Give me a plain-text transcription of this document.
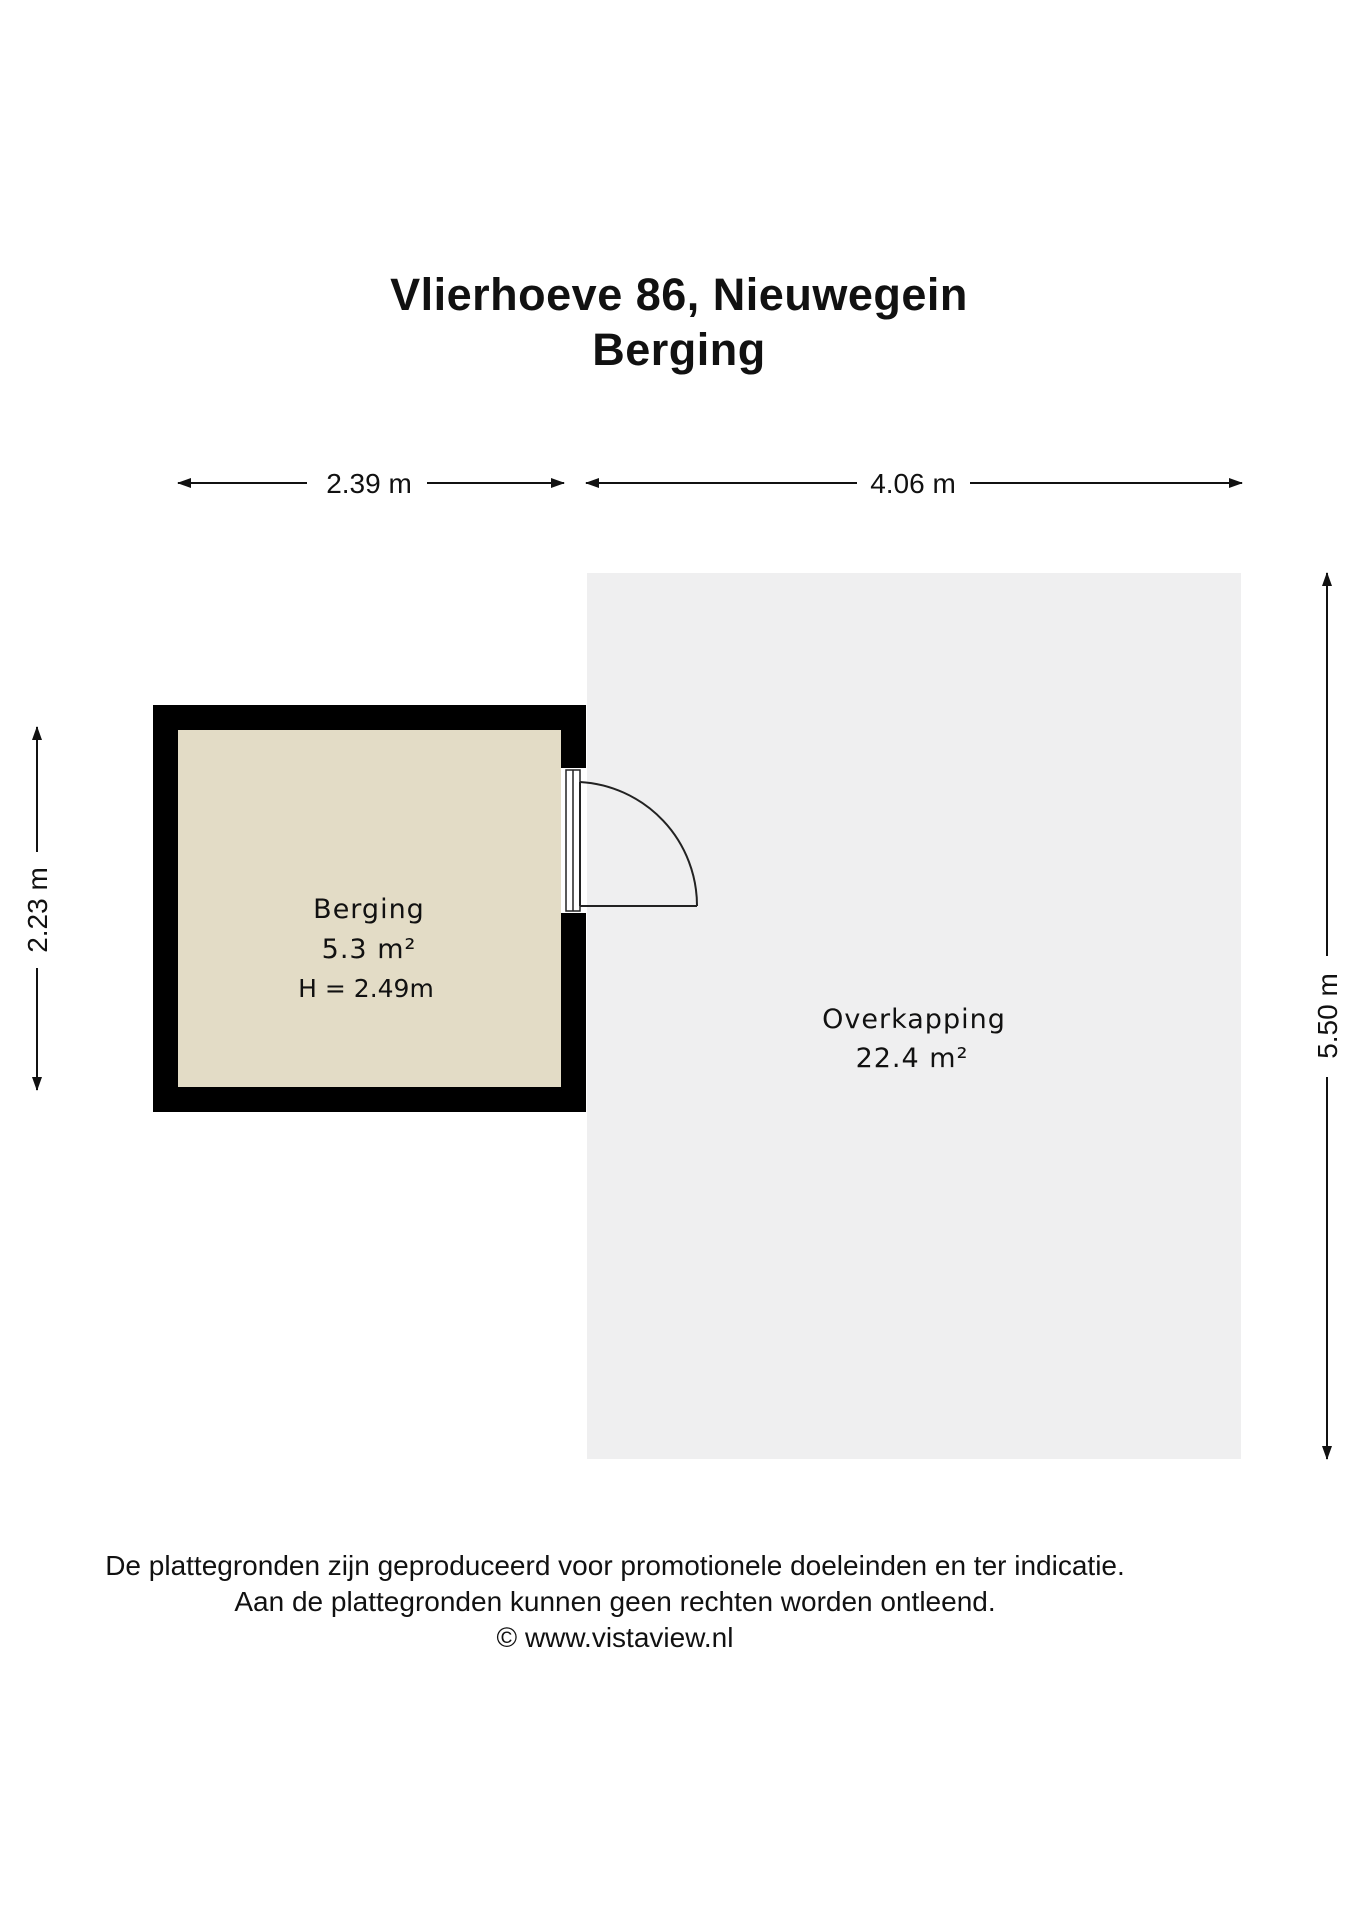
Vlierhoeve 86, Nieuwegein
Berging
2.39 m	4.06 m
2.23 m
5.50 m
Berging
5.3 m²
H = 2.49m
Overkapping
22.4 m²
De plattegronden zijn geproduceerd voor promotionele doeleinden en ter indicatie.
Aan de plattegronden kunnen geen rechten worden ontleend.
© www.vistaview.nl
